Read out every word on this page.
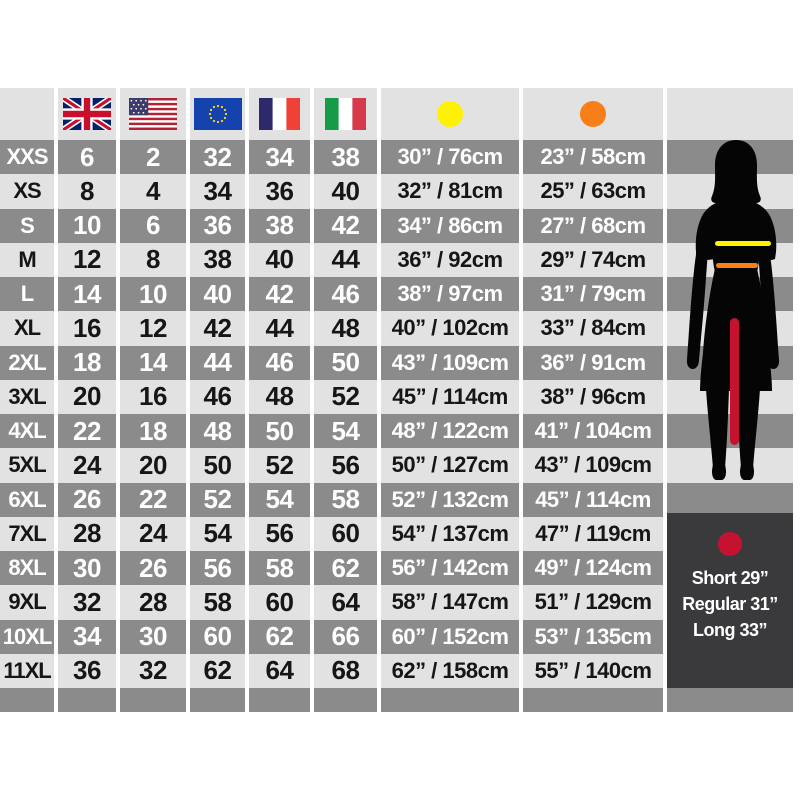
XXS	6	2	32	34	38	30” / 76cm	23” / 58cm
XS	8	4	34	36	40	32” / 81cm	25” / 63cm
S	10	6	36	38	42	34” / 86cm	27” / 68cm
M	12	8	38	40	44	36” / 92cm	29” / 74cm
L	14	10	40	42	46	38” / 97cm	31” / 79cm
XL	16	12	42	44	48	40” / 102cm	33” / 84cm
2XL	18	14	44	46	50	43” / 109cm	36” / 91cm
3XL	20	16	46	48	52	45” / 114cm	38” / 96cm
4XL	22	18	48	50	54	48” / 122cm	41” / 104cm
5XL	24	20	50	52	56	50” / 127cm	43” / 109cm
6XL	26	22	52	54	58	52” / 132cm	45” / 114cm
7XL	28	24	54	56	60	54” / 137cm	47” / 119cm
8XL	30	26	56	58	62	56” / 142cm	49” / 124cm
9XL	32	28	58	60	64	58” / 147cm	51” / 129cm
10XL 34	30	60	62	66	60” / 152cm	53” / 135cm
11XL 36	32	62	64	68	62” / 158cm	55” / 140cm
Short 29”
Regular 31”
Long 33”
